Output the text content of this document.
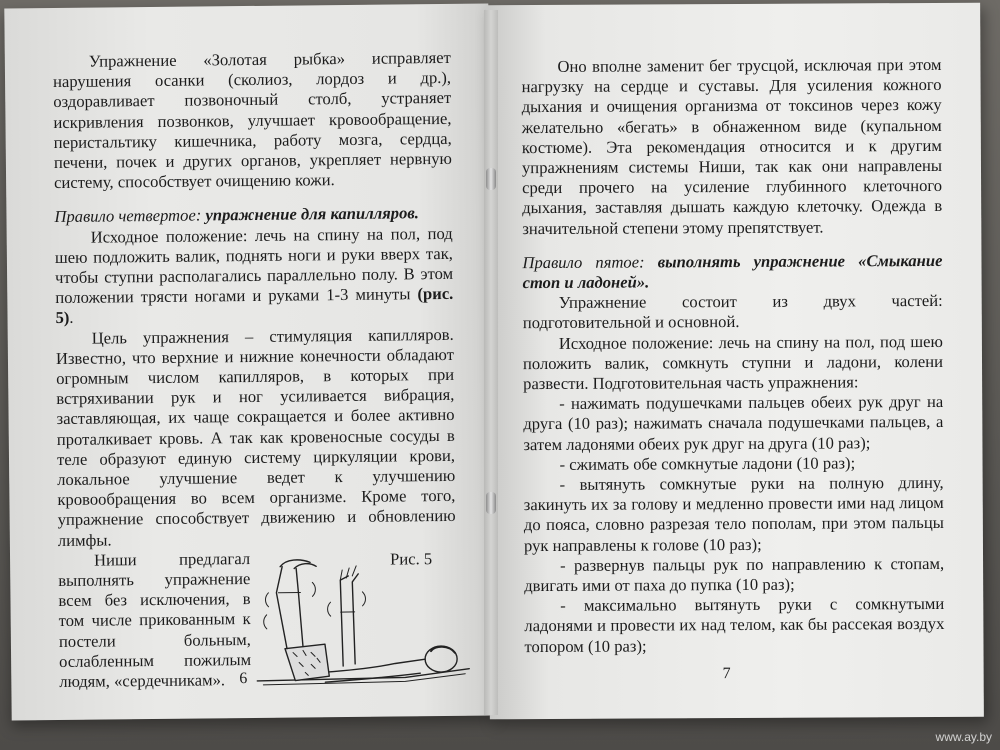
Упражнение «Золотая рыбка» исправляет нарушения осанки (сколиоз, лордоз и др.), оздоравливает позвоночный столб, устраняет искривления позвонков, улучшает кровообращение, перистальтику кишечника, работу мозга, сердца, печени, почек и других органов, укрепляет нервную систему, способствует очищению кожи.

Правило четвертое: упражнение для капилляров.

Исходное положение: лечь на спину на пол, под шею подложить валик, поднять ноги и руки вверх так, чтобы ступни располагались параллельно полу. В этом положении трясти ногами и руками 1-3 минуты (рис. 5).

Цель упражнения – стимуляция капилляров. Известно, что верхние и нижние конечности обладают огромным числом капилляров, в которых при встряхивании рук и ног усиливается вибрация, заставляющая, их чаще сокращается и более активно проталкивает кровь. А так как кровеносные сосуды в теле образуют единую систему циркуляции крови, локальное улучшение ведет к улучшению кровообращения во всем организме. Кроме того, упражнение способствует движению и обновлению лимфы.

Ниши предлагал выполнять упражнение всем без исключения, в том числе прикованным к постели больным, ослабленным пожилым людям, «сердечникам».

Рис. 5
6

Оно вполне заменит бег трусцой, исключая при этом нагрузку на сердце и суставы. Для усиления кожного дыхания и очищения организма от токсинов через кожу желательно «бегать» в обнаженном виде (купальном костюме). Эта рекомендация относится и к другим упражнениям системы Ниши, так как они направлены среди прочего на усиление глубинного клеточного дыхания, заставляя дышать каждую клеточку. Одежда в значительной степени этому препятствует.

Правило пятое: выполнять упражнение «Смыкание стоп и ладоней».

Упражнение состоит из двух частей: подготовительной и основной.

Исходное положение: лечь на спину на пол, под шею положить валик, сомкнуть ступни и ладони, колени развести. Подготовительная часть упражнения:

- нажимать подушечками пальцев обеих рук друг на друга (10 раз); нажимать сначала подушечками пальцев, а затем ладонями обеих рук друг на друга (10 раз);

- сжимать обе сомкнутые ладони (10 раз);

- вытянуть сомкнутые руки на полную длину, закинуть их за голову и медленно провести ими над лицом до пояса, словно разрезая тело пополам, при этом пальцы рук направлены к голове (10 раз);

- развернув пальцы рук по направлению к стопам, двигать ими от паха до пупка (10 раз);

- максимально вытянуть руки с сомкнутыми ладонями и провести их над телом, как бы рассекая воздух топором (10 раз);

7
www.ay.by
